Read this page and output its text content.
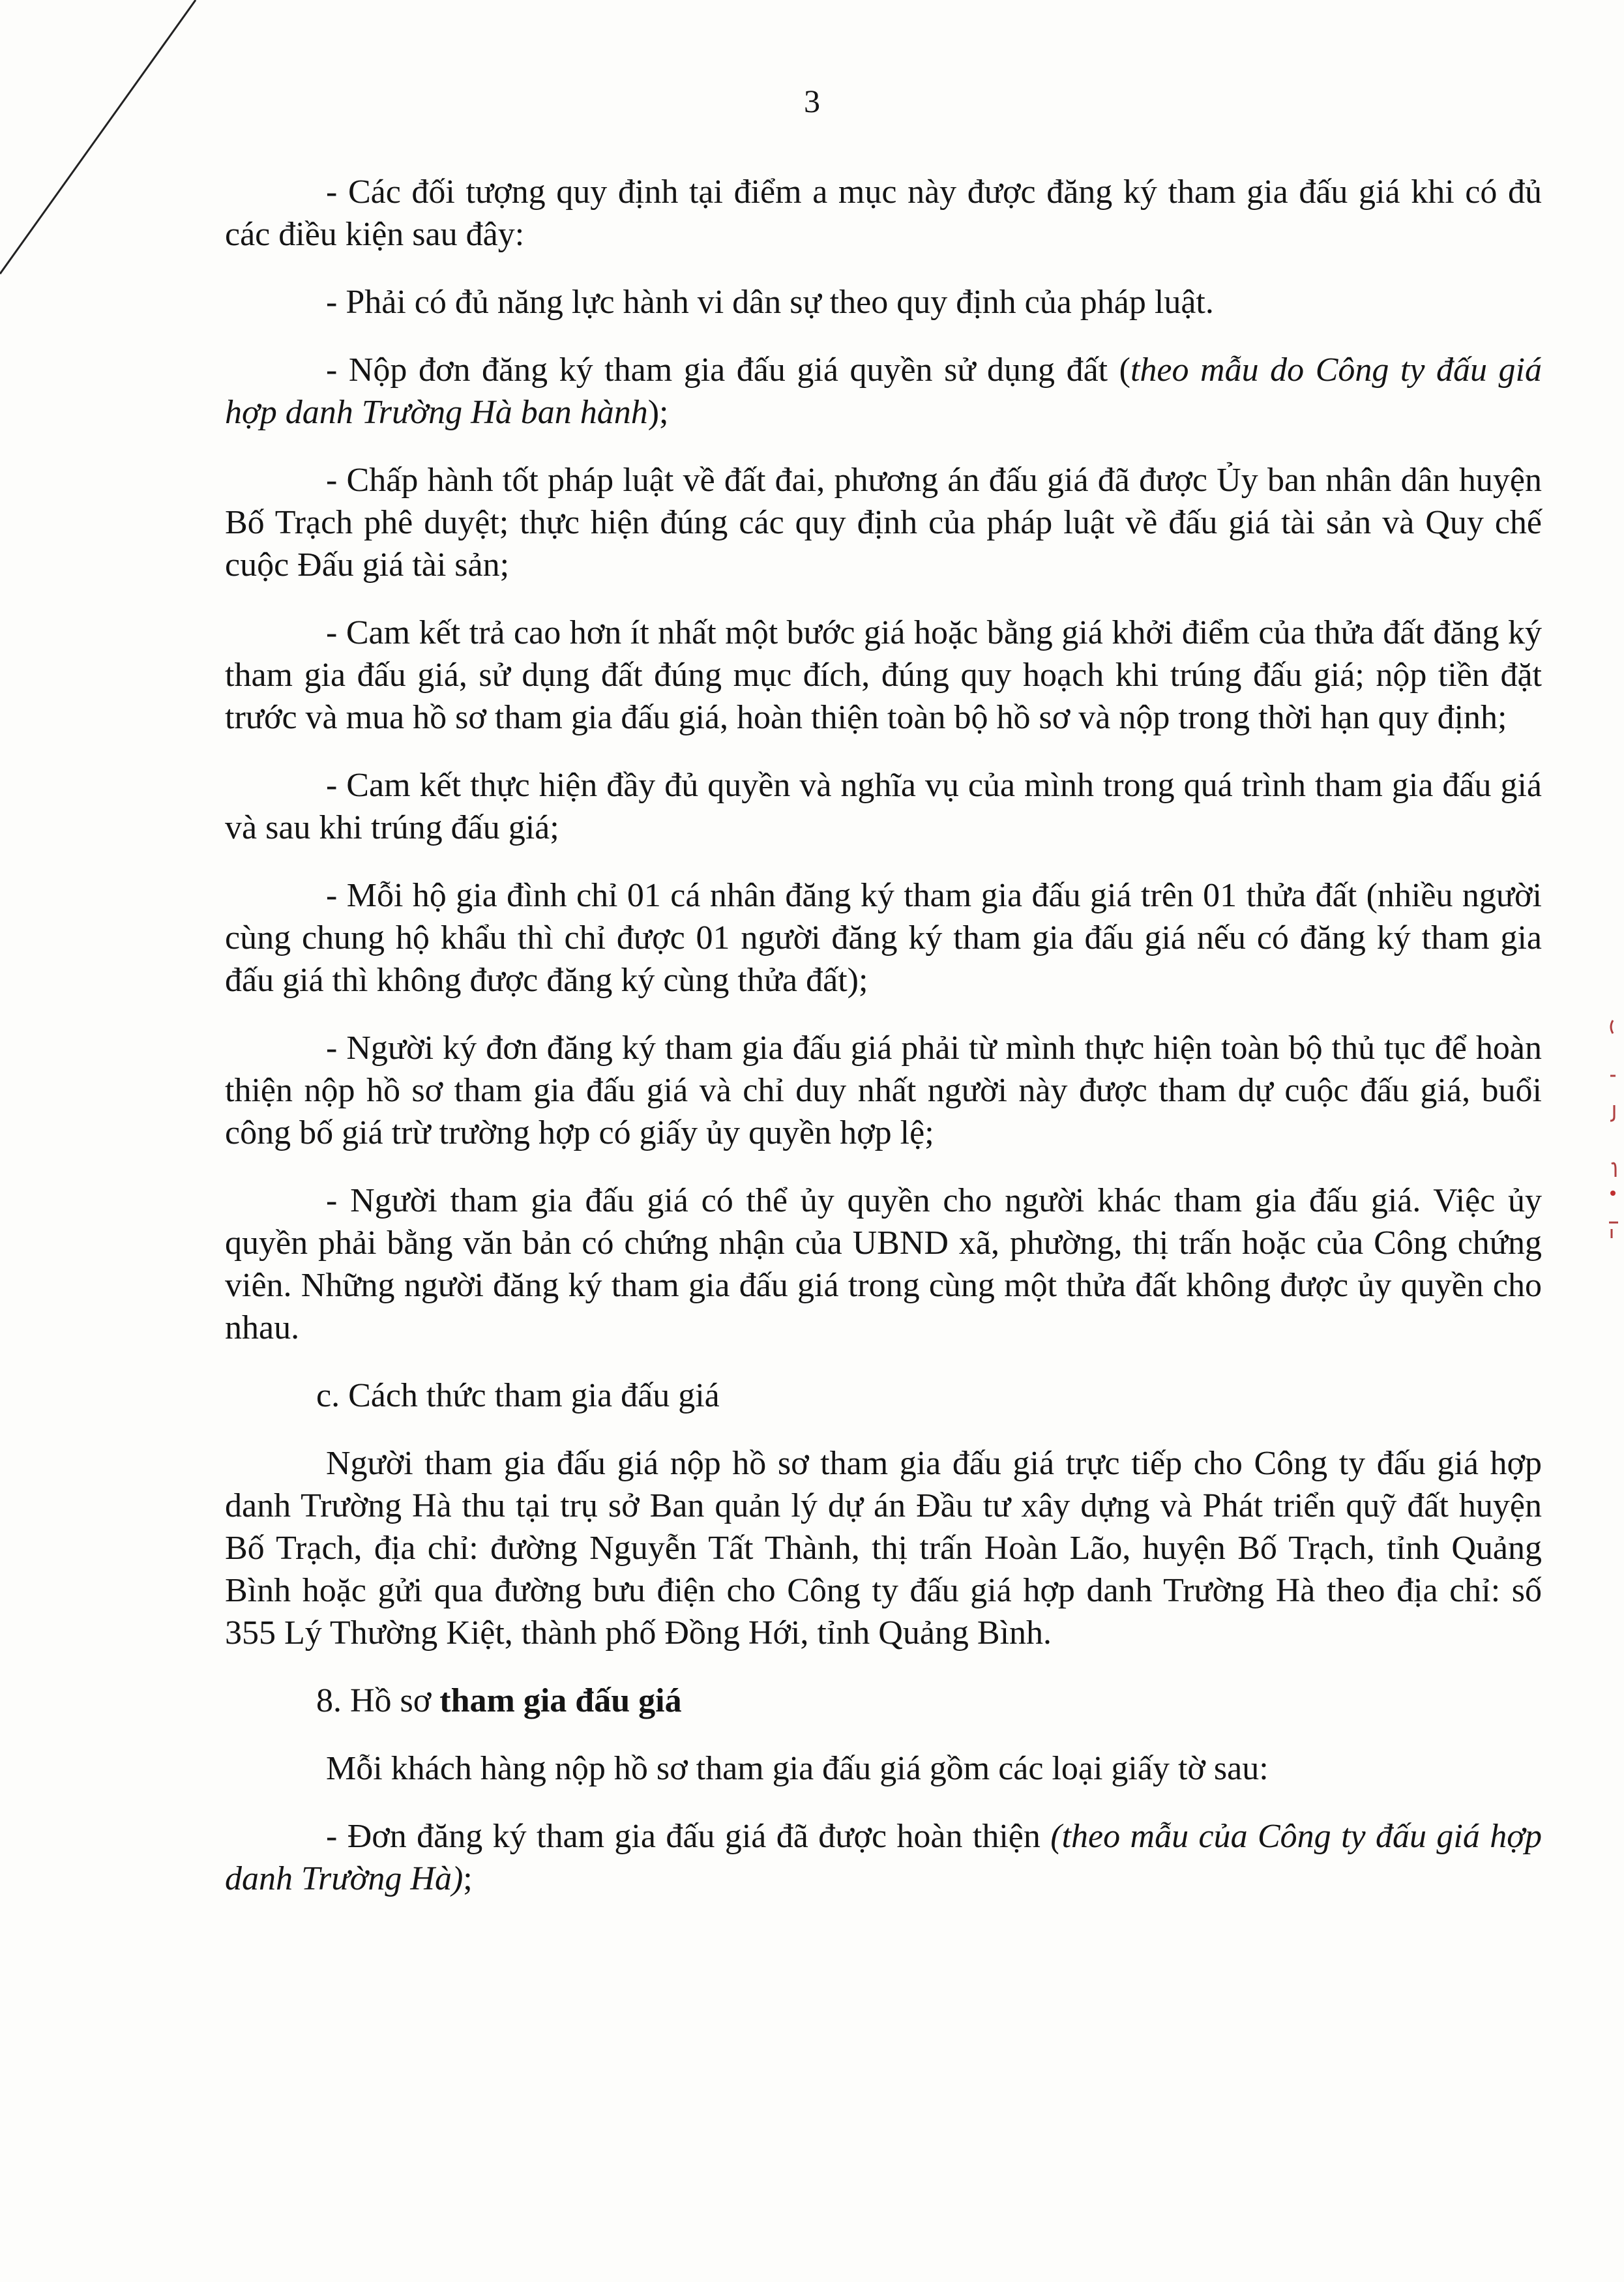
3

- Các đối tượng quy định tại điểm a mục này được đăng ký tham gia đấu giá khi có đủ các điều kiện sau đây:

- Phải có đủ năng lực hành vi dân sự theo quy định của pháp luật.

- Nộp đơn đăng ký tham gia đấu giá quyền sử dụng đất (theo mẫu do Công ty đấu giá hợp danh Trường Hà ban hành);

- Chấp hành tốt pháp luật về đất đai, phương án đấu giá đã được Ủy ban nhân dân huyện Bố Trạch phê duyệt; thực hiện đúng các quy định của pháp luật về đấu giá tài sản và Quy chế cuộc Đấu giá tài sản;

- Cam kết trả cao hơn ít nhất một bước giá hoặc bằng giá khởi điểm của thửa đất đăng ký tham gia đấu giá, sử dụng đất đúng mục đích, đúng quy hoạch khi trúng đấu giá; nộp tiền đặt trước và mua hồ sơ tham gia đấu giá, hoàn thiện toàn bộ hồ sơ và nộp trong thời hạn quy định;

- Cam kết thực hiện đầy đủ quyền và nghĩa vụ của mình trong quá trình tham gia đấu giá và sau khi trúng đấu giá;

- Mỗi hộ gia đình chỉ 01 cá nhân đăng ký tham gia đấu giá trên 01 thửa đất (nhiều người cùng chung hộ khẩu thì chỉ được 01 người đăng ký tham gia đấu giá nếu có đăng ký tham gia đấu giá thì không được đăng ký cùng thửa đất);

- Người ký đơn đăng ký tham gia đấu giá phải từ mình thực hiện toàn bộ thủ tục để hoàn thiện nộp hồ sơ tham gia đấu giá và chỉ duy nhất người này được tham dự cuộc đấu giá, buổi công bố giá trừ trường hợp có giấy ủy quyền hợp lệ;

- Người tham gia đấu giá có thể ủy quyền cho người khác tham gia đấu giá. Việc ủy quyền phải bằng văn bản có chứng nhận của UBND xã, phường, thị trấn hoặc của Công chứng viên. Những người đăng ký tham gia đấu giá trong cùng một thửa đất không được ủy quyền cho nhau.

c. Cách thức tham gia đấu giá

Người tham gia đấu giá nộp hồ sơ tham gia đấu giá trực tiếp cho Công ty đấu giá hợp danh Trường Hà thu tại trụ sở Ban quản lý dự án Đầu tư xây dựng và Phát triển quỹ đất huyện Bố Trạch, địa chỉ: đường Nguyễn Tất Thành, thị trấn Hoàn Lão, huyện Bố Trạch, tỉnh Quảng Bình hoặc gửi qua đường bưu điện cho Công ty đấu giá hợp danh Trường Hà theo địa chỉ: số 355 Lý Thường Kiệt, thành phố Đồng Hới, tỉnh Quảng Bình.

8. Hồ sơ tham gia đấu giá

Mỗi khách hàng nộp hồ sơ tham gia đấu giá gồm các loại giấy tờ sau:

- Đơn đăng ký tham gia đấu giá đã được hoàn thiện (theo mẫu của Công ty đấu giá hợp danh Trường Hà);
